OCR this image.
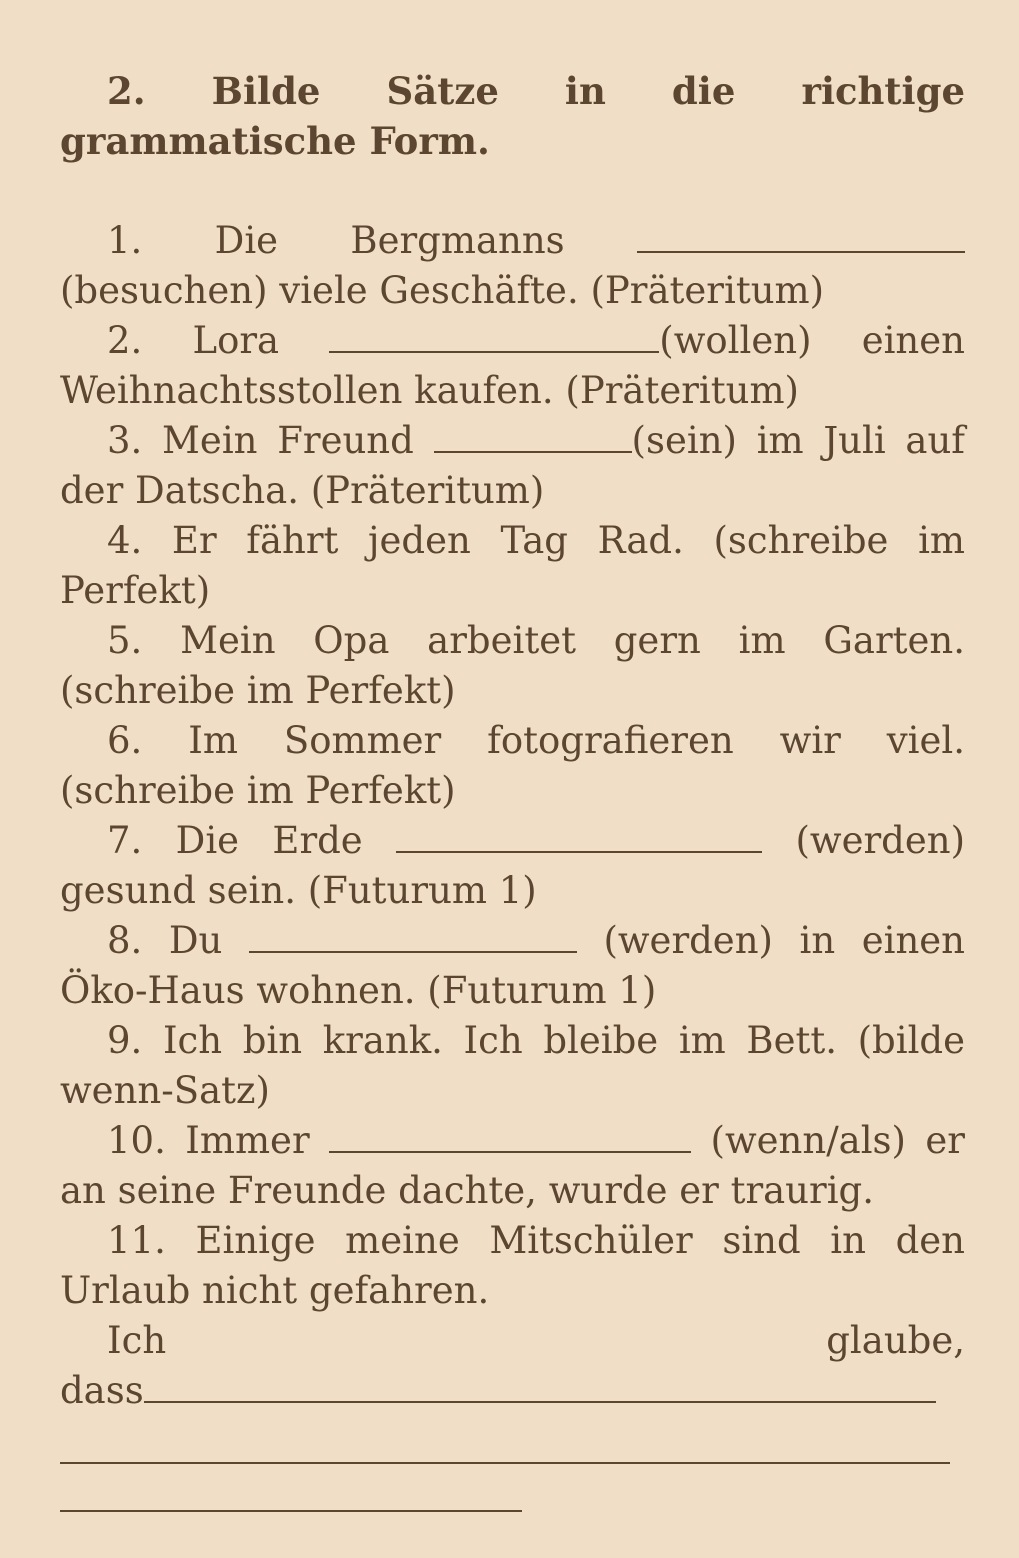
2. Bilde Sätze in die richtige grammatische Form.

1. Die Bergmanns  (besuchen) viele Geschäfte. (Präteritum)

2. Lora	(wollen) einen Weihnachtsstollen kaufen. (Präteritum)

3. Mein Freund	(sein) im Juli auf der Datscha. (Präteritum)

4. Er fährt jeden Tag Rad. (schreibe im Perfekt)

5. Mein Opa arbeitet gern im Garten. (schreibe im Perfekt)

6. Im Sommer fotografieren wir viel. (schreibe im Perfekt)

7. Die Erde	(werden) gesund sein. (Futurum 1)

8. Du	(werden) in einen Öko-Haus wohnen. (Futurum 1)

9. Ich bin krank. Ich bleibe im Bett. (bilde wenn-Satz)

10. Immer	(wenn/als) er an seine Freunde dachte, wurde er traurig.

11. Einige meine Mitschüler sind in den Urlaub nicht gefahren.

Ich glaube,

dass
